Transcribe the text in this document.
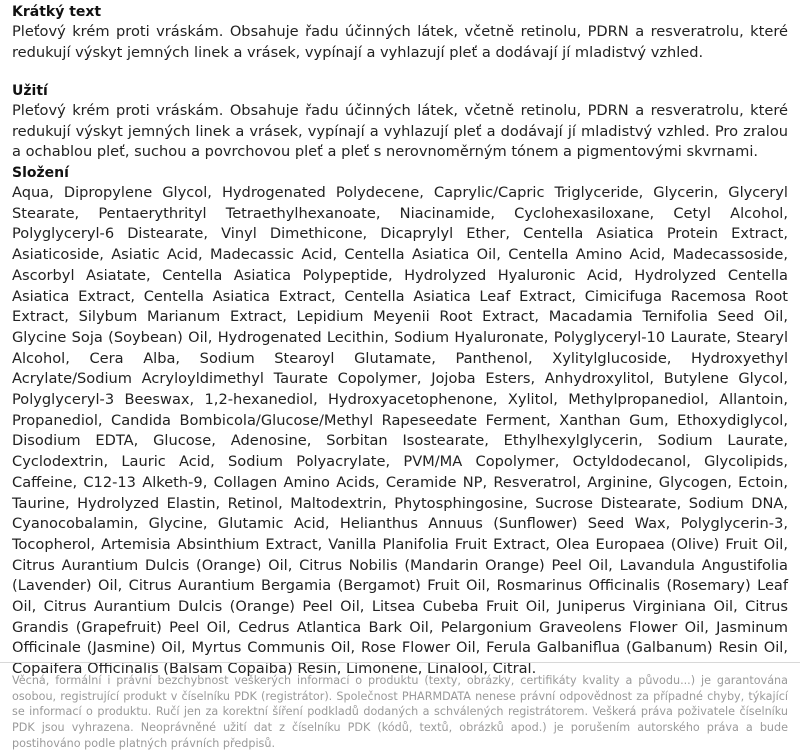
Krátký text

Pleťový krém proti vráskám. Obsahuje řadu účinných látek, včetně retinolu, PDRN a resveratrolu, které redukují výskyt jemných linek a vrásek, vypínají a vyhlazují pleť a dodávají jí mladistvý vzhled.

Užití

Pleťový krém proti vráskám. Obsahuje řadu účinných látek, včetně retinolu, PDRN a resveratrolu, které redukují výskyt jemných linek a vrásek, vypínají a vyhlazují pleť a dodávají jí mladistvý vzhled. Pro zralou a ochablou pleť, suchou a povrchovou pleť a pleť s nerovnoměrným tónem a pigmentovými skvrnami.

Složení

Aqua, Dipropylene Glycol, Hydrogenated Polydecene, Caprylic/Capric Triglyceride, Glycerin, Glyceryl Stearate, Pentaerythrityl Tetraethylhexanoate, Niacinamide, Cyclohexasiloxane, Cetyl Alcohol, Polyglyceryl-6 Distearate, Vinyl Dimethicone, Dicaprylyl Ether, Centella Asiatica Protein Extract, Asiaticoside, Asiatic Acid, Madecassic Acid, Centella Asiatica Oil, Centella Amino Acid, Madecassoside, Ascorbyl Asiatate, Centella Asiatica Polypeptide, Hydrolyzed Hyaluronic Acid, Hydrolyzed Centella Asiatica Extract, Centella Asiatica Extract, Centella Asiatica Leaf Extract, Cimicifuga Racemosa Root Extract, Silybum Marianum Extract, Lepidium Meyenii Root Extract, Macadamia Ternifolia Seed Oil, Glycine Soja (Soybean) Oil, Hydrogenated Lecithin, Sodium Hyaluronate, Polyglyceryl-10 Laurate, Stearyl Alcohol, Cera Alba, Sodium Stearoyl Glutamate, Panthenol, Xylitylglucoside, Hydroxyethyl Acrylate/Sodium Acryloyldimethyl Taurate Copolymer, Jojoba Esters, Anhydroxylitol, Butylene Glycol, Polyglyceryl-3 Beeswax, 1,2-hexanediol, Hydroxyacetophenone, Xylitol, Methylpropanediol, Allantoin, Propanediol, Candida Bombicola/Glucose/Methyl Rapeseedate Ferment, Xanthan Gum, Ethoxydiglycol, Disodium EDTA, Glucose, Adenosine, Sorbitan Isostearate, Ethylhexylglycerin, Sodium Laurate, Cyclodextrin, Lauric Acid, Sodium Polyacrylate, PVM/MA Copolymer, Octyldodecanol, Glycolipids, Caffeine, C12-13 Alketh-9, Collagen Amino Acids, Ceramide NP, Resveratrol, Arginine, Glycogen, Ectoin, Taurine, Hydrolyzed Elastin, Retinol, Maltodextrin, Phytosphingosine, Sucrose Distearate, Sodium DNA, Cyanocobalamin, Glycine, Glutamic Acid, Helianthus Annuus (Sunflower) Seed Wax, Polyglycerin-3, Tocopherol, Artemisia Absinthium Extract, Vanilla Planifolia Fruit Extract, Olea Europaea (Olive) Fruit Oil, Citrus Aurantium Dulcis (Orange) Oil, Citrus Nobilis (Mandarin Orange) Peel Oil, Lavandula Angustifolia (Lavender) Oil, Citrus Aurantium Bergamia (Bergamot) Fruit Oil, Rosmarinus Officinalis (Rosemary) Leaf Oil, Citrus Aurantium Dulcis (Orange) Peel Oil, Litsea Cubeba Fruit Oil, Juniperus Virginiana Oil, Citrus Grandis (Grapefruit) Peel Oil, Cedrus Atlantica Bark Oil, Pelargonium Graveolens Flower Oil, Jasminum Officinale (Jasmine) Oil, Myrtus Communis Oil, Rose Flower Oil, Ferula Galbaniflua (Galbanum) Resin Oil, Copaifera Officinalis (Balsam Copaiba) Resin, Limonene, Linalool, Citral.

Věcná, formální i právní bezchybnost veškerých informací o produktu (texty, obrázky, certifikáty kvality a původu...) je garantována osobou, registrující produkt v číselníku PDK (registrátor). Společnost PHARMDATA nenese právní odpovědnost za případné chyby, týkající se informací o produktu. Ručí jen za korektní šíření podkladů dodaných a schválených registrátorem. Veškerá práva poživatele číselníku PDK jsou vyhrazena. Neoprávněné užití dat z číselníku PDK (kódů, textů, obrázků apod.) je porušením autorského práva a bude postihováno podle platných právních předpisů.
